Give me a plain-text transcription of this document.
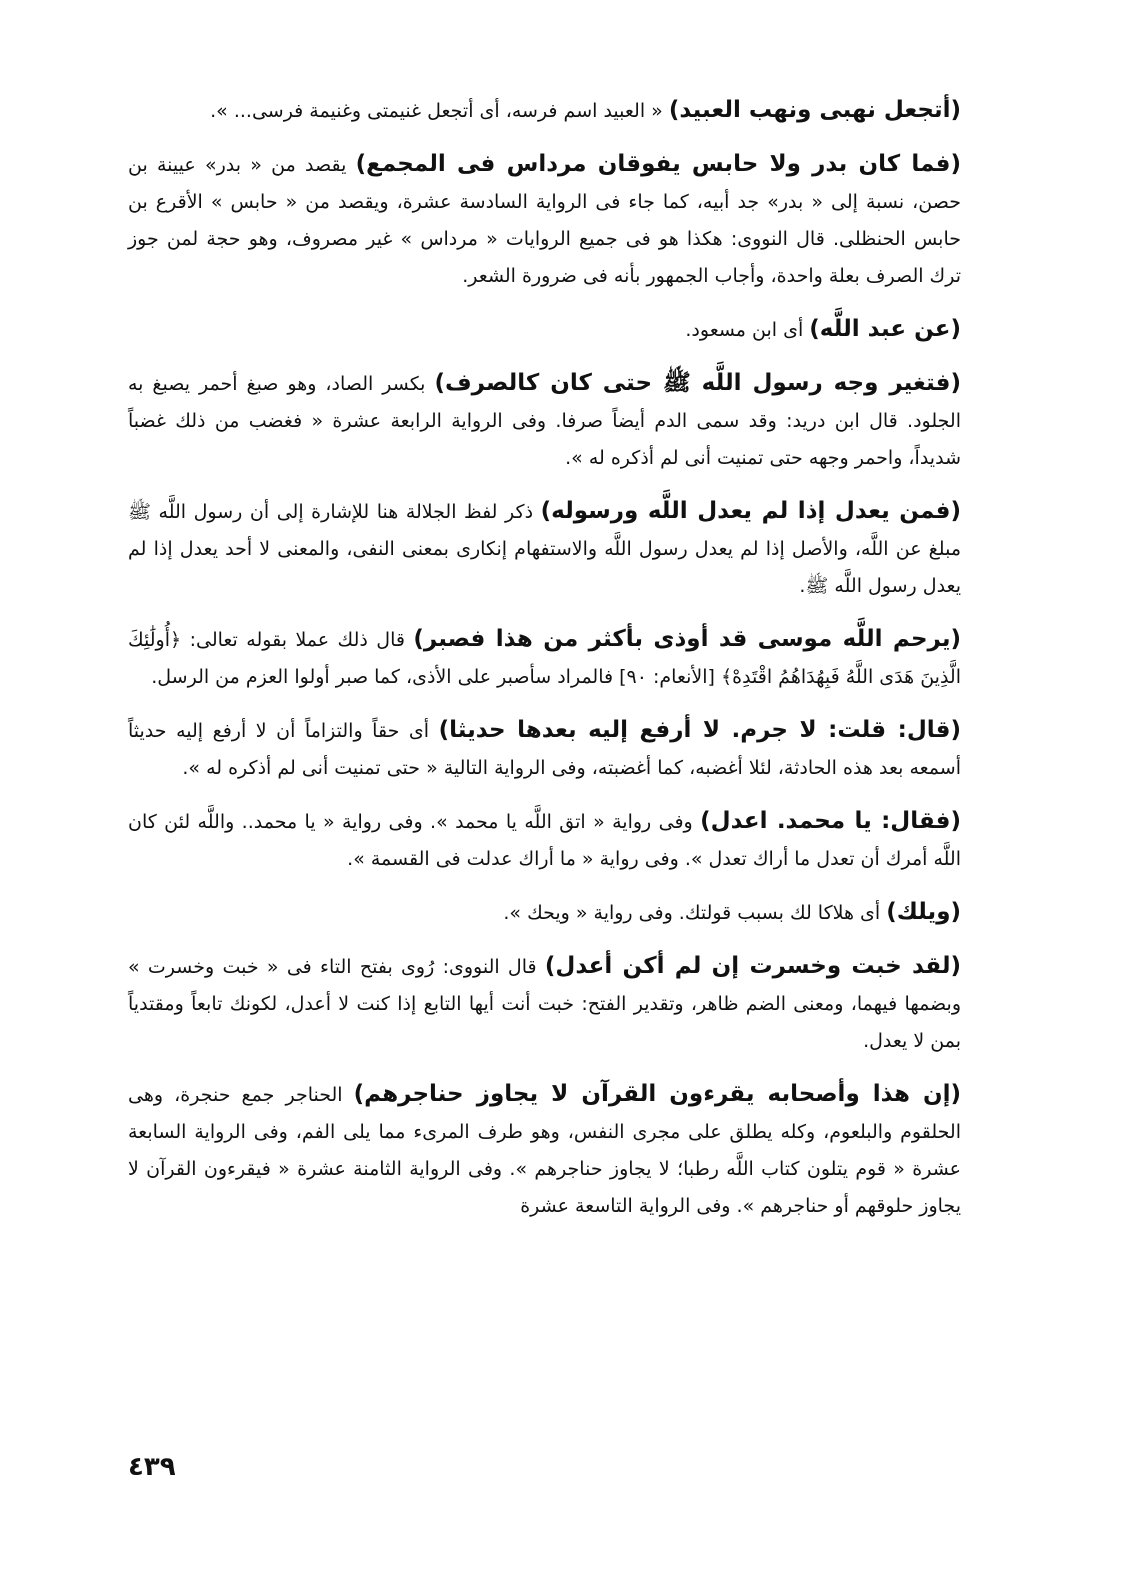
(أتجعل نهبى ونهب العبيد) « العبيد اسم فرسه، أى أتجعل غنيمتى وغنيمة فرسى... ».

(فما كان بدر ولا حابس يفوقان مرداس فى المجمع) يقصد من « بدر» عيينة بن حصن، نسبة إلى « بدر» جد أبيه، كما جاء فى الرواية السادسة عشرة، ويقصد من « حابس » الأقرع بن حابس الحنظلى. قال النووى: هكذا هو فى جميع الروايات « مرداس » غير مصروف، وهو حجة لمن جوز ترك الصرف بعلة واحدة، وأجاب الجمهور بأنه فى ضرورة الشعر.

(عن عبد اللَّه) أى ابن مسعود.

(فتغير وجه رسول اللَّه ﷺ حتى كان كالصرف) بكسر الصاد، وهو صبغ أحمر يصبغ به الجلود. قال ابن دريد: وقد سمى الدم أيضاً صرفا. وفى الرواية الرابعة عشرة « فغضب من ذلك غضباً شديداً، واحمر وجهه حتى تمنيت أنى لم أذكره له ».

(فمن يعدل إذا لم يعدل اللَّه ورسوله) ذكر لفظ الجلالة هنا للإشارة إلى أن رسول اللَّه ﷺ مبلغ عن اللَّه، والأصل إذا لم يعدل رسول اللَّه والاستفهام إنكارى بمعنى النفى، والمعنى لا أحد يعدل إذا لم يعدل رسول اللَّه ﷺ.

(يرحم اللَّه موسى قد أوذى بأكثر من هذا فصبر) قال ذلك عملا بقوله تعالى: ﴿أُولَٰئِكَ الَّذِينَ هَدَى اللَّهُ فَبِهُدَاهُمُ اقْتَدِهْ﴾ [الأنعام: ٩٠] فالمراد سأصبر على الأذى، كما صبر أولوا العزم من الرسل.

(قال: قلت: لا جرم. لا أرفع إليه بعدها حديثا) أى حقاً والتزاماً أن لا أرفع إليه حديثاً أسمعه بعد هذه الحادثة، لئلا أغضبه، كما أغضبته، وفى الرواية التالية « حتى تمنيت أنى لم أذكره له ».

(فقال: يا محمد. اعدل) وفى رواية « اتق اللَّه يا محمد ». وفى رواية « يا محمد.. واللَّه لئن كان اللَّه أمرك أن تعدل ما أراك تعدل ». وفى رواية « ما أراك عدلت فى القسمة ».

(ويلك) أى هلاكا لك بسبب قولتك. وفى رواية « ويحك ».

(لقد خبت وخسرت إن لم أكن أعدل) قال النووى: رُوى بفتح التاء فى « خبت وخسرت » وبضمها فيهما، ومعنى الضم ظاهر، وتقدير الفتح: خبت أنت أيها التابع إذا كنت لا أعدل، لكونك تابعاً ومقتدياً بمن لا يعدل.

(إن هذا وأصحابه يقرءون القرآن لا يجاوز حناجرهم) الحناجر جمع حنجرة، وهى الحلقوم والبلعوم، وكله يطلق على مجرى النفس، وهو طرف المرىء مما يلى الفم، وفى الرواية السابعة عشرة « قوم يتلون كتاب اللَّه رطبا؛ لا يجاوز حناجرهم ». وفى الرواية الثامنة عشرة « فيقرءون القرآن لا يجاوز حلوقهم أو حناجرهم ». وفى الرواية التاسعة عشرة

٤٣٩
